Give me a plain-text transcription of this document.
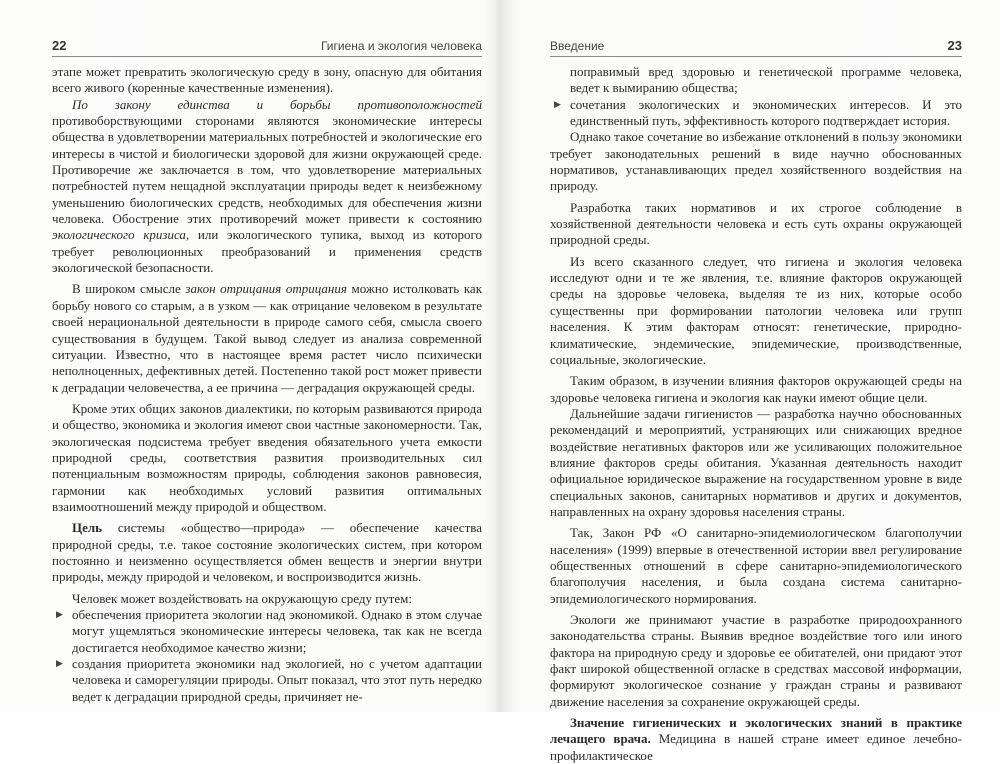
22	Гигиена и экология человека

этапе может превратить экологическую среду в зону, опасную для обитания всего живого (коренные качественные изменения).

По закону единства и борьбы противоположностей противоборствующими сторонами являются экономические интересы общества в удовлетворении материальных потребностей и экологические его интересы в чистой и биологически здоровой для жизни окружающей среде. Противоречие же заключается в том, что удовлетворение материальных потребностей путем нещадной эксплуатации природы ведет к неизбежному уменьшению биологических средств, необходимых для обеспечения жизни человека. Обострение этих противоречий может привести к состоянию экологического кризиса, или экологического тупика, выход из которого требует революционных преобразований и применения средств экологической безопасности.

В широком смысле закон отрицания отрицания можно истолковать как борьбу нового со старым, а в узком — как отрицание человеком в результате своей нерациональной деятельности в природе самого себя, смысла своего существования в будущем. Такой вывод следует из анализа современной ситуации. Известно, что в настоящее время растет число психически неполноценных, дефективных детей. Постепенно такой рост может привести к деградации человечества, а ее причина — деградация окружающей среды.

Кроме этих общих законов диалектики, по которым развиваются природа и общество, экономика и экология имеют свои частные закономерности. Так, экологическая подсистема требует введения обязательного учета емкости природной среды, соответствия развития производительных сил потенциальным возможностям природы, соблюдения законов равновесия, гармонии как необходимых условий развития оптимальных взаимоотношений между природой и обществом.

Цель системы «общество—природа» — обеспечение качества природной среды, т.е. такое состояние экологических систем, при котором постоянно и неизменно осуществляется обмен веществ и энергии внутри природы, между природой и человеком, и воспроизводится жизнь.

Человек может воздействовать на окружающую среду путем:

▶ обеспечения приоритета экологии над экономикой. Однако в этом случае могут ущемляться экономические интересы человека, так как не всегда достигается необходимое качество жизни;

▶ создания приоритета экономики над экологией, но с учетом адаптации человека и саморегуляции природы. Опыт показал, что этот путь нередко ведет к деградации природной среды, причиняет не-

Введение	23

поправимый вред здоровью и генетической программе человека, ведет к вымиранию общества;

▶ сочетания экологических и экономических интересов. И это единственный путь, эффективность которого подтверждает история.

Однако такое сочетание во избежание отклонений в пользу экономики требует законодательных решений в виде научно обоснованных нормативов, устанавливающих предел хозяйственного воздействия на природу.

Разработка таких нормативов и их строгое соблюдение в хозяйственной деятельности человека и есть суть охраны окружающей природной среды.

Из всего сказанного следует, что гигиена и экология человека исследуют одни и те же явления, т.е. влияние факторов окружающей среды на здоровье человека, выделяя те из них, которые особо существенны при формировании патологии человека или групп населения. К этим факторам относят: генетические, природно-климатические, эндемические, эпидемические, производственные, социальные, экологические.

Таким образом, в изучении влияния факторов окружающей среды на здоровье человека гигиена и экология как науки имеют общие цели.

Дальнейшие задачи гигиенистов — разработка научно обоснованных рекомендаций и мероприятий, устраняющих или снижающих вредное воздействие негативных факторов или же усиливающих положительное влияние факторов среды обитания. Указанная деятельность находит официальное юридическое выражение на государственном уровне в виде специальных законов, санитарных нормативов и других и документов, направленных на охрану здоровья населения страны.

Так, Закон РФ «О санитарно-эпидемиологическом благополучии населения» (1999) впервые в отечественной истории ввел регулирование общественных отношений в сфере санитарно-эпидемиологического благополучия населения, и была создана система санитарно-эпидемиологического нормирования.

Экологи же принимают участие в разработке природоохранного законодательства страны. Выявив вредное воздействие того или иного фактора на природную среду и здоровье ее обитателей, они придают этот факт широкой общественной огласке в средствах массовой информации, формируют экологическое сознание у граждан страны и развивают движение населения за сохранение окружающей среды.

Значение гигиенических и экологических знаний в практике лечащего врача. Медицина в нашей стране имеет единое лечебно-профилактическое
